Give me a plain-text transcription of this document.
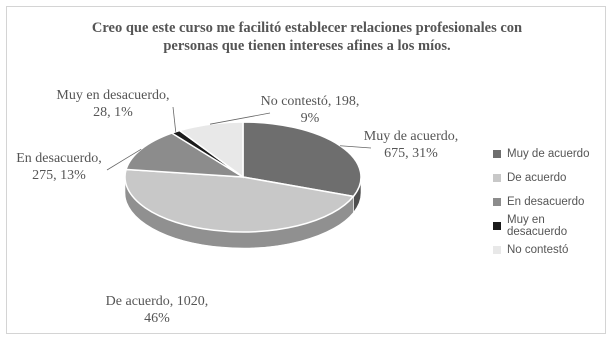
Creo que este curso me facilitó establecer relaciones profesionales con
personas que tienen intereses afines a los míos.
Muy de acuerdo, 675, 31%
De acuerdo, 1020, 46%
En desacuerdo, 275, 13%
Muy en desacuerdo, 28, 1%
No contestó, 198, 9%
Muy de acuerdo
De acuerdo
En desacuerdo
Muy en desacuerdo
No contestó
